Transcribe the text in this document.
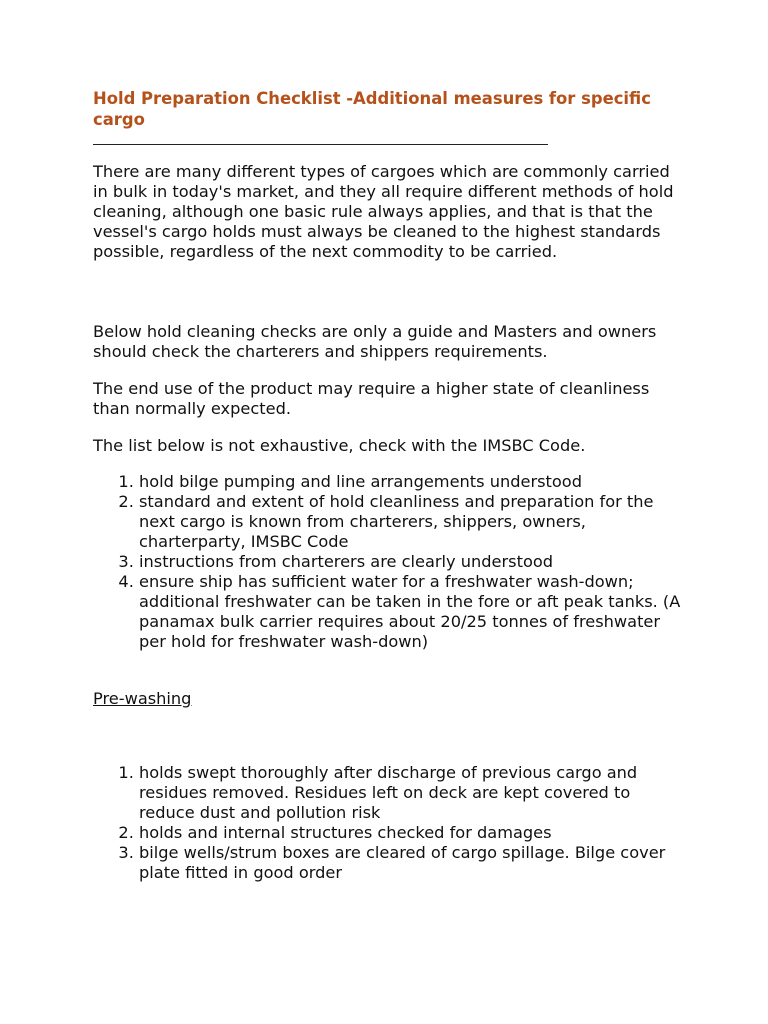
Hold Preparation Checklist -Additional measures for specific cargo

There are many different types of cargoes which are commonly carried in bulk in today's market, and they all require different methods of hold cleaning, although one basic rule always applies, and that is that the vessel's cargo holds must always be cleaned to the highest standards possible, regardless of the next commodity to be carried.

Below hold cleaning checks are only a guide and Masters and owners should check the charterers and shippers requirements.

The end use of the product may require a higher state of cleanliness than normally expected.

The list below is not exhaustive, check with the IMSBC Code.

1. hold bilge pumping and line arrangements understood
2. standard and extent of hold cleanliness and preparation for the next cargo is known from charterers, shippers, owners, charterparty, IMSBC Code
3. instructions from charterers are clearly understood
4. ensure ship has sufficient water for a freshwater wash-down; additional freshwater can be taken in the fore or aft peak tanks. (A panamax bulk carrier requires about 20/25 tonnes of freshwater per hold for freshwater wash-down)

Pre-washing

1. holds swept thoroughly after discharge of previous cargo and residues removed. Residues left on deck are kept covered to reduce dust and pollution risk
2. holds and internal structures checked for damages
3. bilge wells/strum boxes are cleared of cargo spillage. Bilge cover plate fitted in good order
